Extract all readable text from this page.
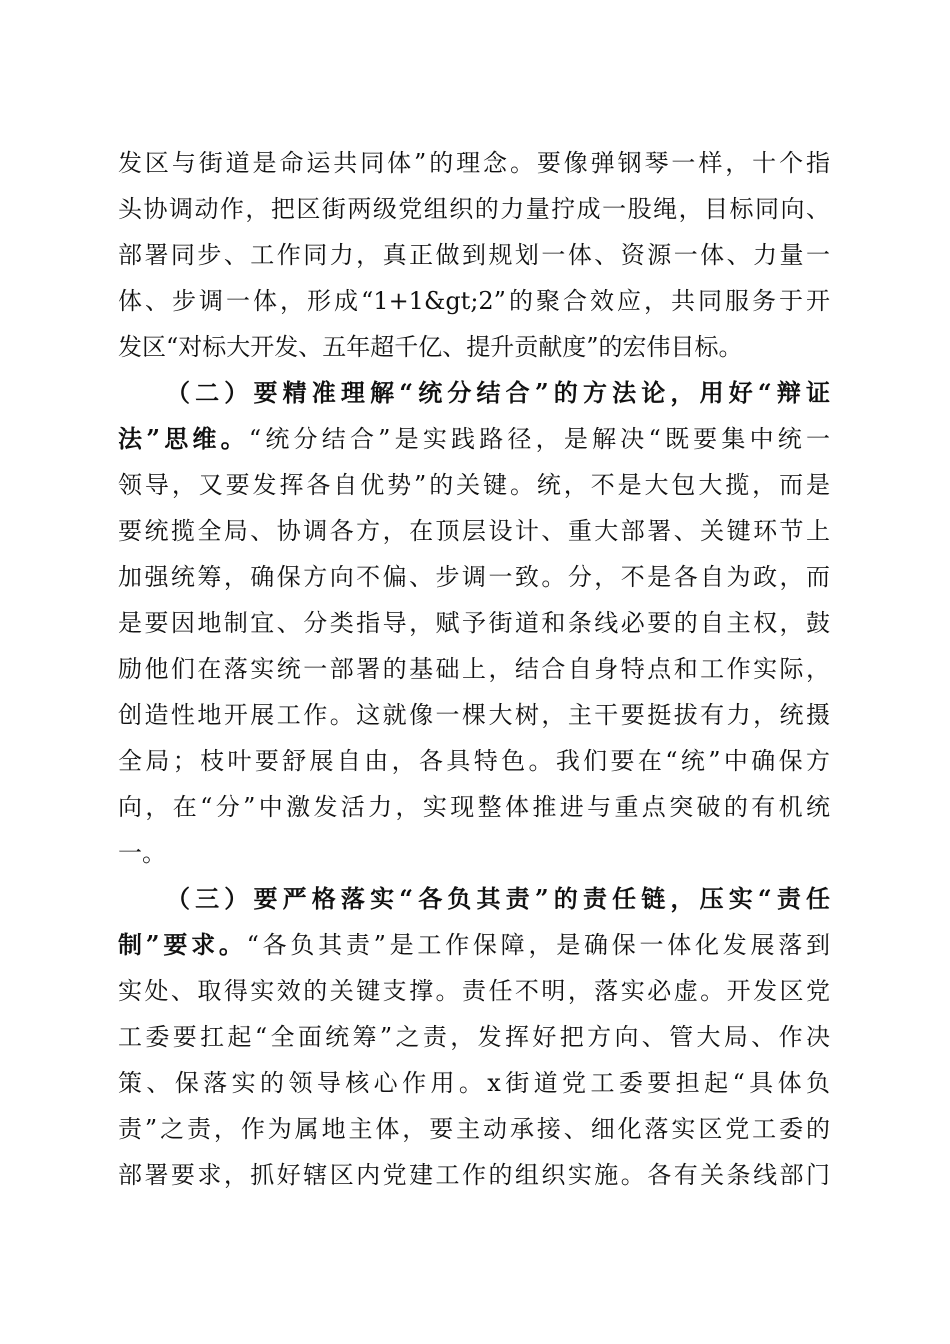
发区与街道是命运共同体”的理念。要像弹钢琴一样，十个指
头协调动作，把区街两级党组织的力量拧成一股绳，目标同向、
部署同步、工作同力，真正做到规划一体、资源一体、力量一
体、步调一体，形成“1+1&gt;2”的聚合效应，共同服务于开
发区“对标大开发、五年超千亿、提升贡献度”的宏伟目标。
（二）要精准理解“统分结合”的方法论，用好“辩证
法”思维。“统分结合”是实践路径，是解决“既要集中统一
领导，又要发挥各自优势”的关键。统，不是大包大揽，而是
要统揽全局、协调各方，在顶层设计、重大部署、关键环节上
加强统筹，确保方向不偏、步调一致。分，不是各自为政，而
是要因地制宜、分类指导，赋予街道和条线必要的自主权，鼓
励他们在落实统一部署的基础上，结合自身特点和工作实际，
创造性地开展工作。这就像一棵大树，主干要挺拔有力，统摄
全局；枝叶要舒展自由，各具特色。我们要在“统”中确保方
向，在“分”中激发活力，实现整体推进与重点突破的有机统
一。
（三）要严格落实“各负其责”的责任链，压实“责任
制”要求。“各负其责”是工作保障，是确保一体化发展落到
实处、取得实效的关键支撑。责任不明，落实必虚。开发区党
工委要扛起“全面统筹”之责，发挥好把方向、管大局、作决
策、保落实的领导核心作用。x街道党工委要担起“具体负
责”之责，作为属地主体，要主动承接、细化落实区党工委的
部署要求，抓好辖区内党建工作的组织实施。各有关条线部门
